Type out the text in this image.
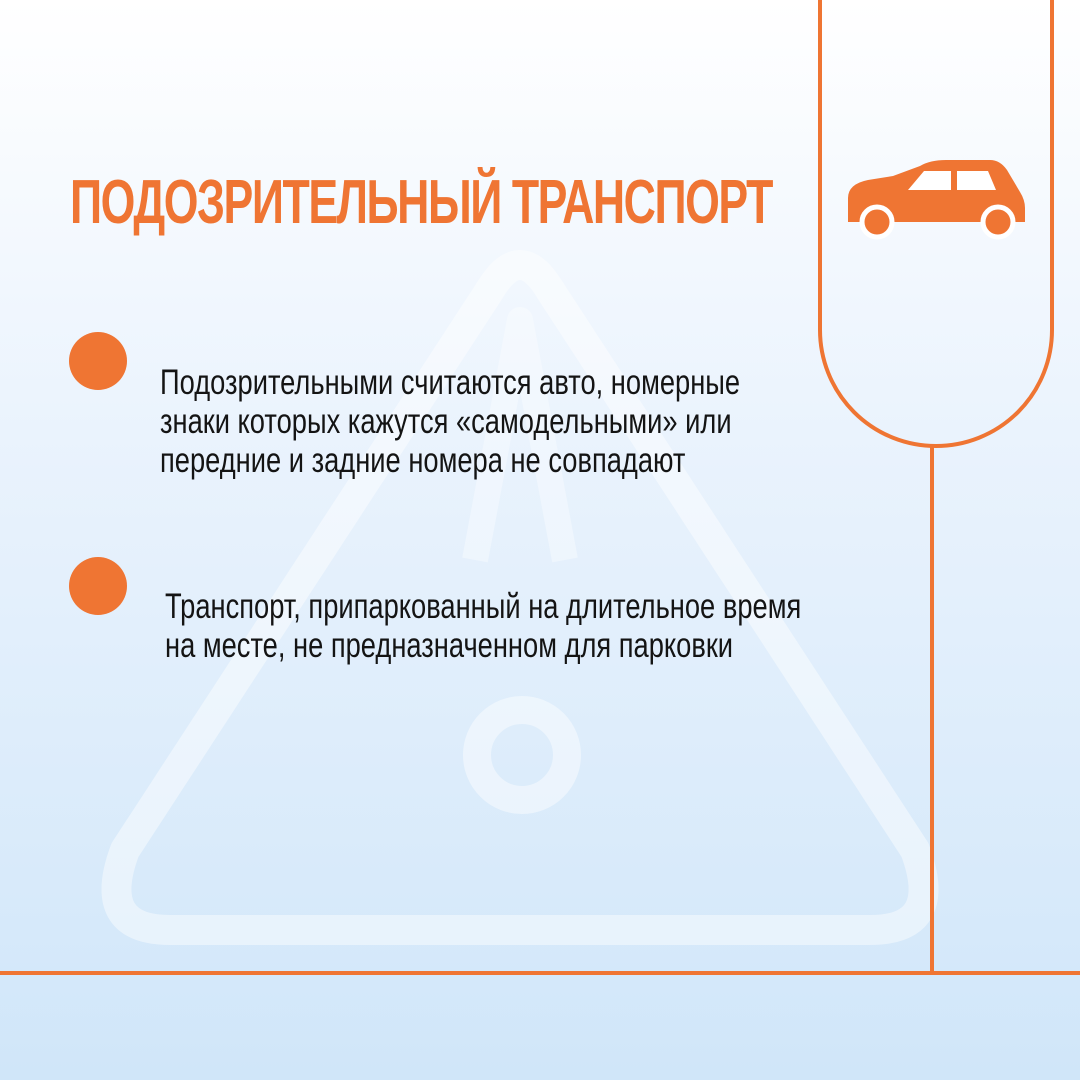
ПОДОЗРИТЕЛЬНЫЙ ТРАНСПОРТ

Подозрительными считаются авто, номерные знаки которых кажутся «самодельными» или передние и задние номера не совпадают

Транспорт, припаркованный на длительное время на месте, не предназначенном для парковки
